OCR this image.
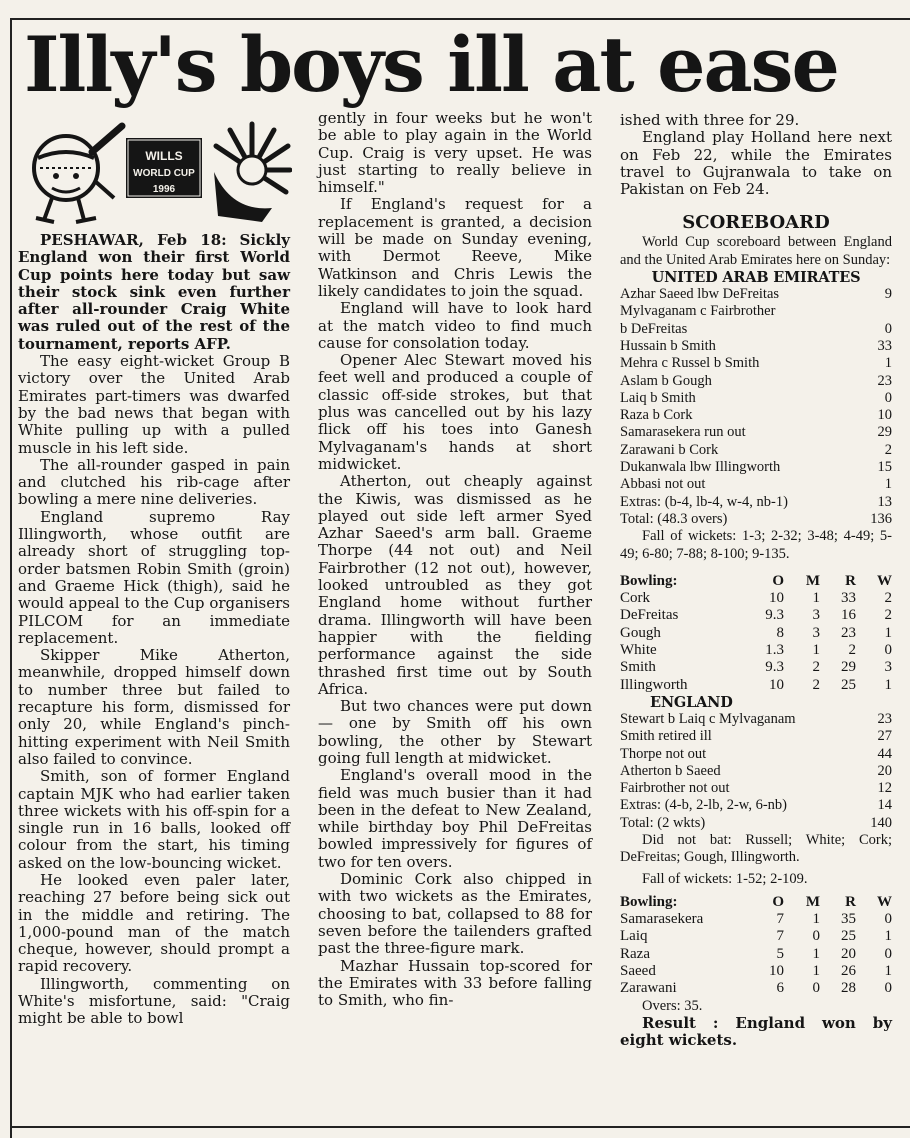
Illy's boys ill at ease
WILLS
WORLD CUP
1996

PESHAWAR, Feb 18: Sickly England won their first World Cup points here today but saw their stock sink even further after all-rounder Craig White was ruled out of the rest of the tournament, reports AFP.

The easy eight-wicket Group B victory over the United Arab Emirates part-timers was dwarfed by the bad news that began with White pulling up with a pulled muscle in his left side.

The all-rounder gasped in pain and clutched his rib-cage after bowling a mere nine deliveries.

England supremo Ray Illingworth, whose outfit are already short of struggling top-order batsmen Robin Smith (groin) and Graeme Hick (thigh), said he would appeal to the Cup organisers PILCOM for an immediate replacement.

Skipper Mike Atherton, meanwhile, dropped himself down to number three but failed to recapture his form, dismissed for only 20, while England's pinch-hitting experiment with Neil Smith also failed to convince.

Smith, son of former England captain MJK who had earlier taken three wickets with his off-spin for a single run in 16 balls, looked off colour from the start, his timing asked on the low-bouncing wicket.

He looked even paler later, reaching 27 before being sick out in the middle and retiring. The 1,000-pound man of the match cheque, however, should prompt a rapid recovery.

Illingworth, commenting on White's misfortune, said: "Craig might be able to bowl

gently in four weeks but he won't be able to play again in the World Cup. Craig is very upset. He was just starting to really believe in himself."

If England's request for a replacement is granted, a decision will be made on Sunday evening, with Dermot Reeve, Mike Watkinson and Chris Lewis the likely candidates to join the squad.

England will have to look hard at the match video to find much cause for consolation today.

Opener Alec Stewart moved his feet well and produced a couple of classic off-side strokes, but that plus was cancelled out by his lazy flick off his toes into Ganesh Mylvaganam's hands at short midwicket.

Atherton, out cheaply against the Kiwis, was dismissed as he played out side left armer Syed Azhar Saeed's arm ball. Graeme Thorpe (44 not out) and Neil Fairbrother (12 not out), however, looked untroubled as they got England home without further drama. Illingworth will have been happier with the fielding performance against the side thrashed first time out by South Africa.

But two chances were put down — one by Smith off his own bowling, the other by Stewart going full length at midwicket.

England's overall mood in the field was much busier than it had been in the defeat to New Zealand, while birthday boy Phil DeFreitas bowled impressively for figures of two for ten overs.

Dominic Cork also chipped in with two wickets as the Emirates, choosing to bat, collapsed to 88 for seven before the tailenders grafted past the three-figure mark.

Mazhar Hussain top-scored for the Emirates with 33 before falling to Smith, who fin-

ished with three for 29.

England play Holland here next on Feb 22, while the Emirates travel to Gujranwala to take on Pakistan on Feb 24.

SCOREBOARD
World Cup scoreboard between England and the United Arab Emirates here on Sunday:
UNITED ARAB EMIRATES
Azhar Saeed lbw DeFreitas	9
Mylvaganam c Fairbrother
b DeFreitas	0
Hussain b Smith	33
Mehra c Russel b Smith	1
Aslam b Gough	23
Laiq b Smith	0
Raza b Cork	10
Samarasekera run out	29
Zarawani b Cork	2
Dukanwala lbw Illingworth	15
Abbasi not out	1
Extras: (b-4, lb-4, w-4, nb-1)	13
Total: (48.3 overs)	136
Fall of wickets: 1-3; 2-32; 3-48; 4-49; 5-49; 6-80; 7-88; 8-100; 9-135.
Bowling:	O	M	R	W
Cork	10	1	33	2
DeFreitas	9.3	3	16	2
Gough	8	3	23	1
White	1.3	1	2	0
Smith	9.3	2	29	3
Illingworth	10	2	25	1
ENGLAND
Stewart b Laiq c Mylvaganam	23
Smith retired ill	27
Thorpe not out	44
Atherton b Saeed	20
Fairbrother not out	12
Extras: (4-b, 2-lb, 2-w, 6-nb)	14
Total: (2 wkts)	140
Did not bat: Russell; White; Cork; DeFreitas; Gough, Illingworth.
Fall of wickets: 1-52; 2-109.
Bowling:	O	M	R	W
Samarasekera	7	1	35	0
Laiq	7	0	25	1
Raza	5	1	20	0
Saeed	10	1	26	1
Zarawani	6	0	28	0
Overs: 35.
Result : England won by eight wickets.
